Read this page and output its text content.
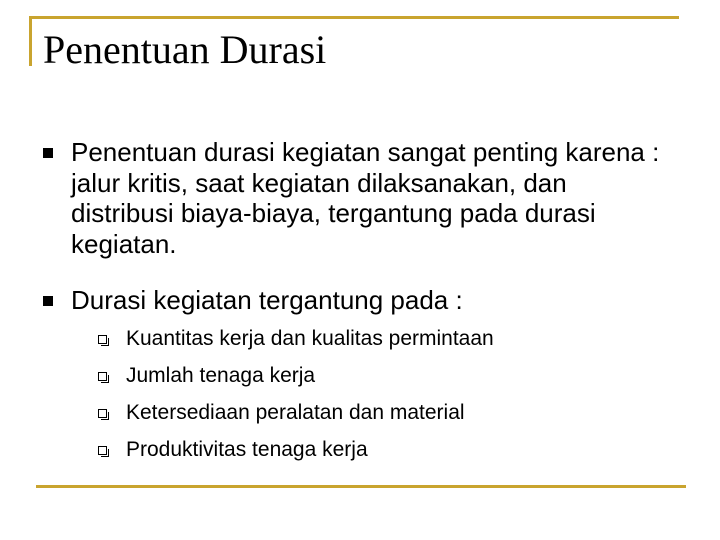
Penentuan Durasi
Penentuan durasi kegiatan sangat penting karena : jalur kritis, saat kegiatan dilaksanakan, dan distribusi biaya-biaya, tergantung pada durasi kegiatan.
Durasi kegiatan tergantung pada :
Kuantitas kerja dan kualitas permintaan
Jumlah tenaga kerja
Ketersediaan peralatan dan material
Produktivitas tenaga kerja
